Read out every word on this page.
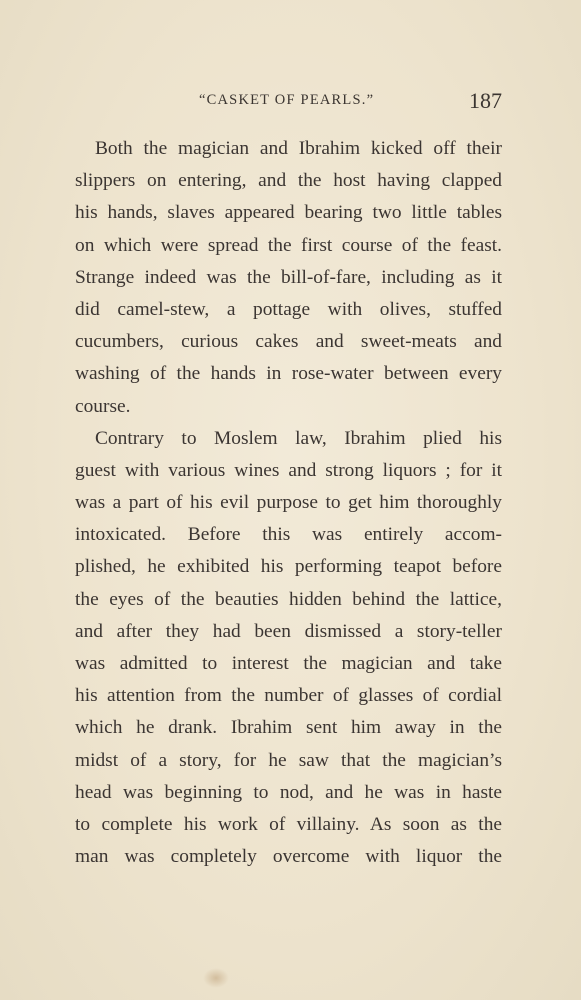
“CASKET OF PEARLS.”	187
Both the magician and Ibrahim kicked off their
slippers on entering, and the host having clapped
his hands, slaves appeared bearing two little tables
on which were spread the first course of the feast.
Strange indeed was the bill-of-fare, including as it
did camel-stew, a pottage with olives, stuffed
cucumbers, curious cakes and sweet-meats and
washing of the hands in rose-water between every
course.
Contrary to Moslem law, Ibrahim plied his
guest with various wines and strong liquors ; for it
was a part of his evil purpose to get him thoroughly
intoxicated. Before this was entirely accom-
plished, he exhibited his performing teapot before
the eyes of the beauties hidden behind the lattice,
and after they had been dismissed a story-teller
was admitted to interest the magician and take
his attention from the number of glasses of cordial
which he drank. Ibrahim sent him away in the
midst of a story, for he saw that the magician’s
head was beginning to nod, and he was in haste
to complete his work of villainy. As soon as the
man was completely overcome with liquor the
